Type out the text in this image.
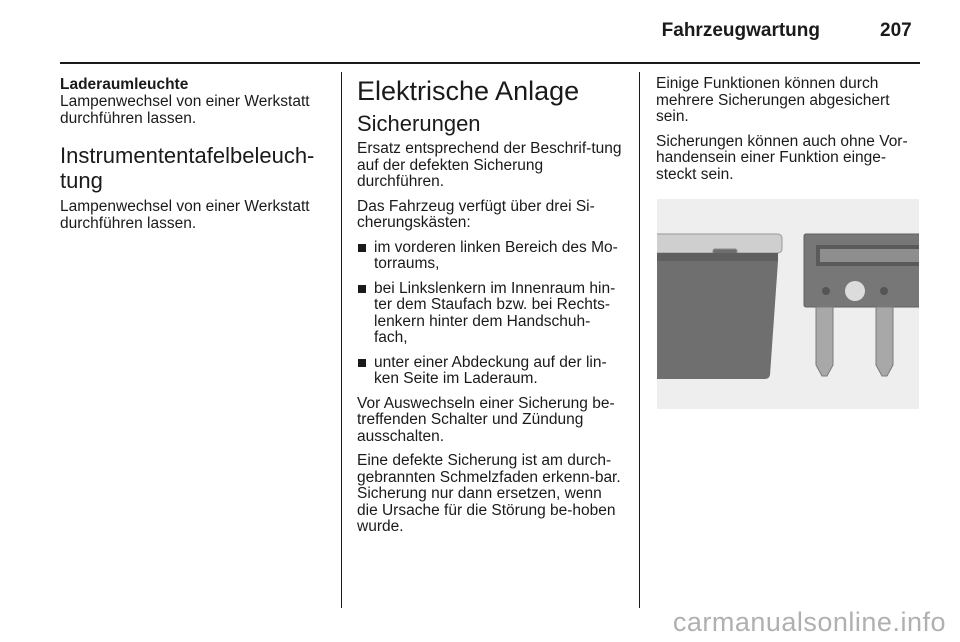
Fahrzeugwartung	207
Laderaumleuchte

Lampenwechsel von einer Werkstatt durchführen lassen.

Instrumententafelbeleuch-tung

Lampenwechsel von einer Werkstatt durchführen lassen.

Elektrische Anlage
Sicherungen

Ersatz entsprechend der Beschrif-tung auf der defekten Sicherung durchführen.

Das Fahrzeug verfügt über drei Si-cherungskästen:

im vorderen linken Bereich des Mo-torraums,
bei Linkslenkern im Innenraum hin-ter dem Staufach bzw. bei Rechts-lenkern hinter dem Handschuh-fach,
unter einer Abdeckung auf der lin-ken Seite im Laderaum.

Vor Auswechseln einer Sicherung be-treffenden Schalter und Zündung ausschalten.

Eine defekte Sicherung ist am durch-gebrannten Schmelzfaden erkenn-bar. Sicherung nur dann ersetzen, wenn die Ursache für die Störung be-hoben wurde.

Einige Funktionen können durch mehrere Sicherungen abgesichert sein.

Sicherungen können auch ohne Vor-handensein einer Funktion einge-steckt sein.

carmanualsonline.info
